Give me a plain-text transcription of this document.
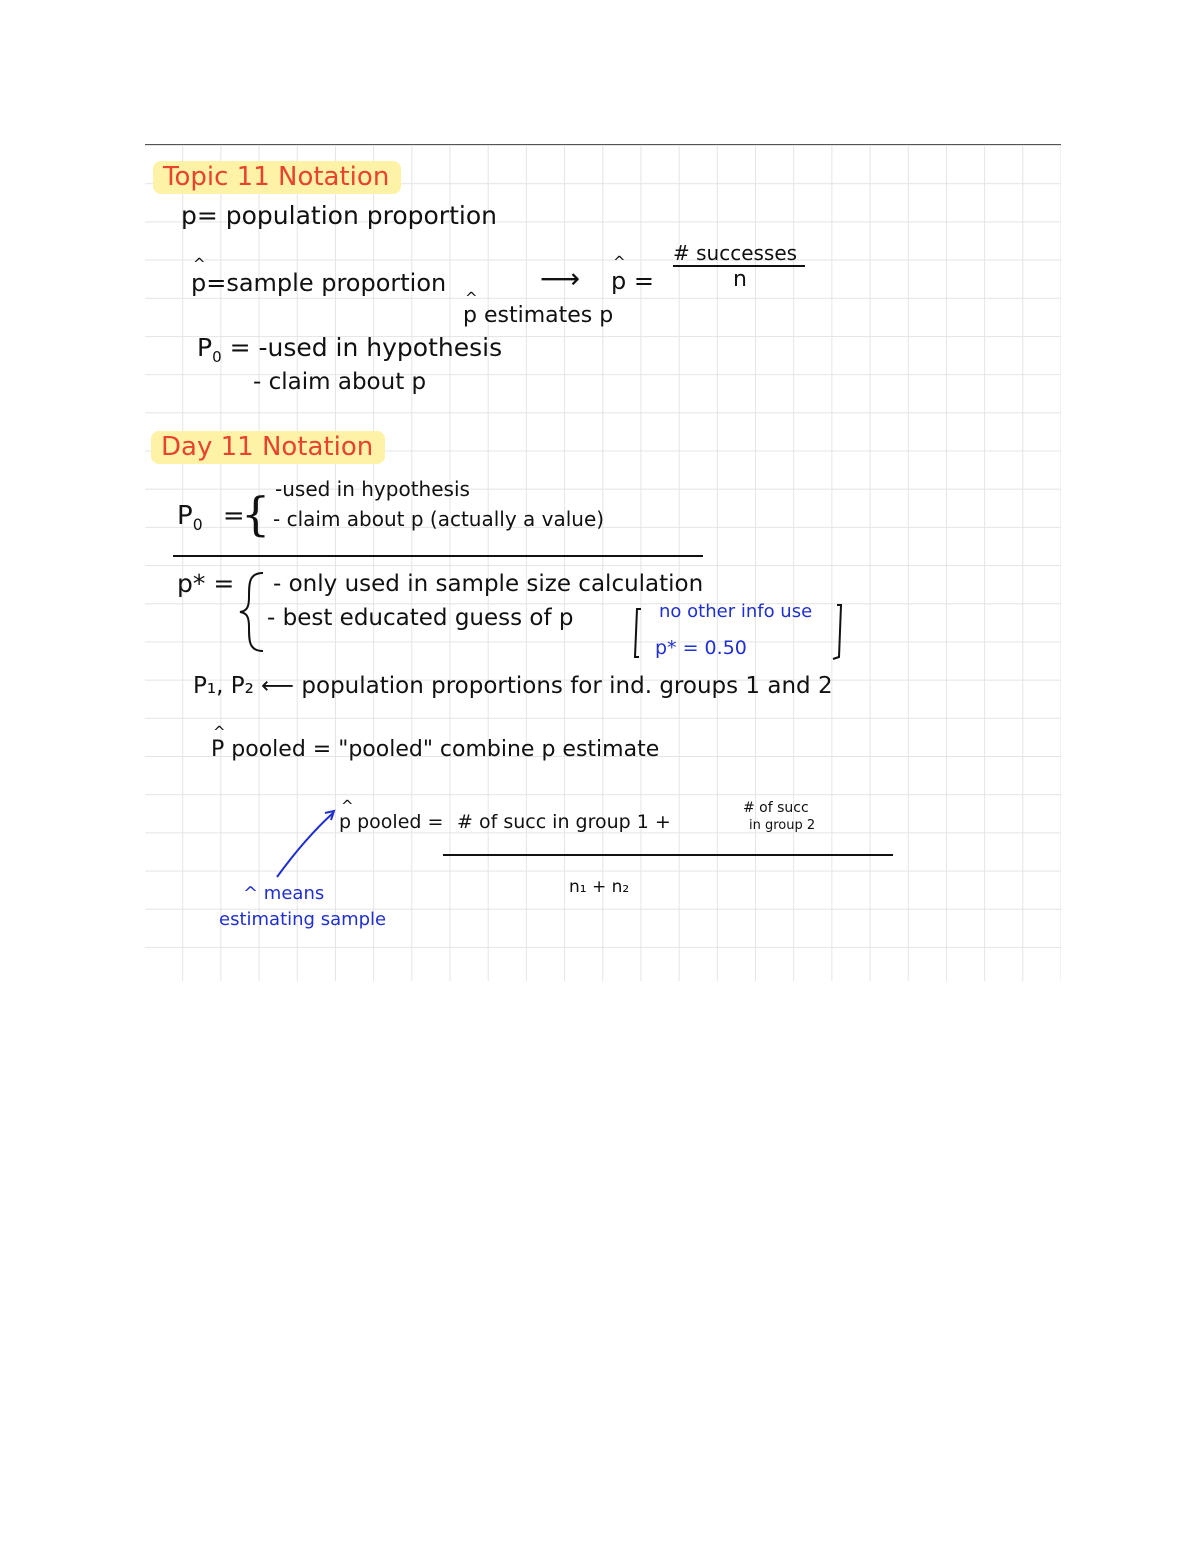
Topic 11 Notation
p= population proportion
^ p=sample proportion	⟶
^ p =
# successes
n
^ p estimates p
$P_0$ = -used in hypothesis
- claim about p
Day 11 Notation
$P_0$ =
{ -used in hypothesis
- claim about p (actually a value)
p* = - only used in sample size calculation
- best educated guess of p	no other info use
p* = 0.50
P₁, P₂ ⟵ population proportions for ind. groups 1 and 2
^ P pooled = "pooled" combine p estimate
^ p pooled = # of succ in group 1 +
# of succ
in group 2
n₁ + n₂
^ means
estimating sample
